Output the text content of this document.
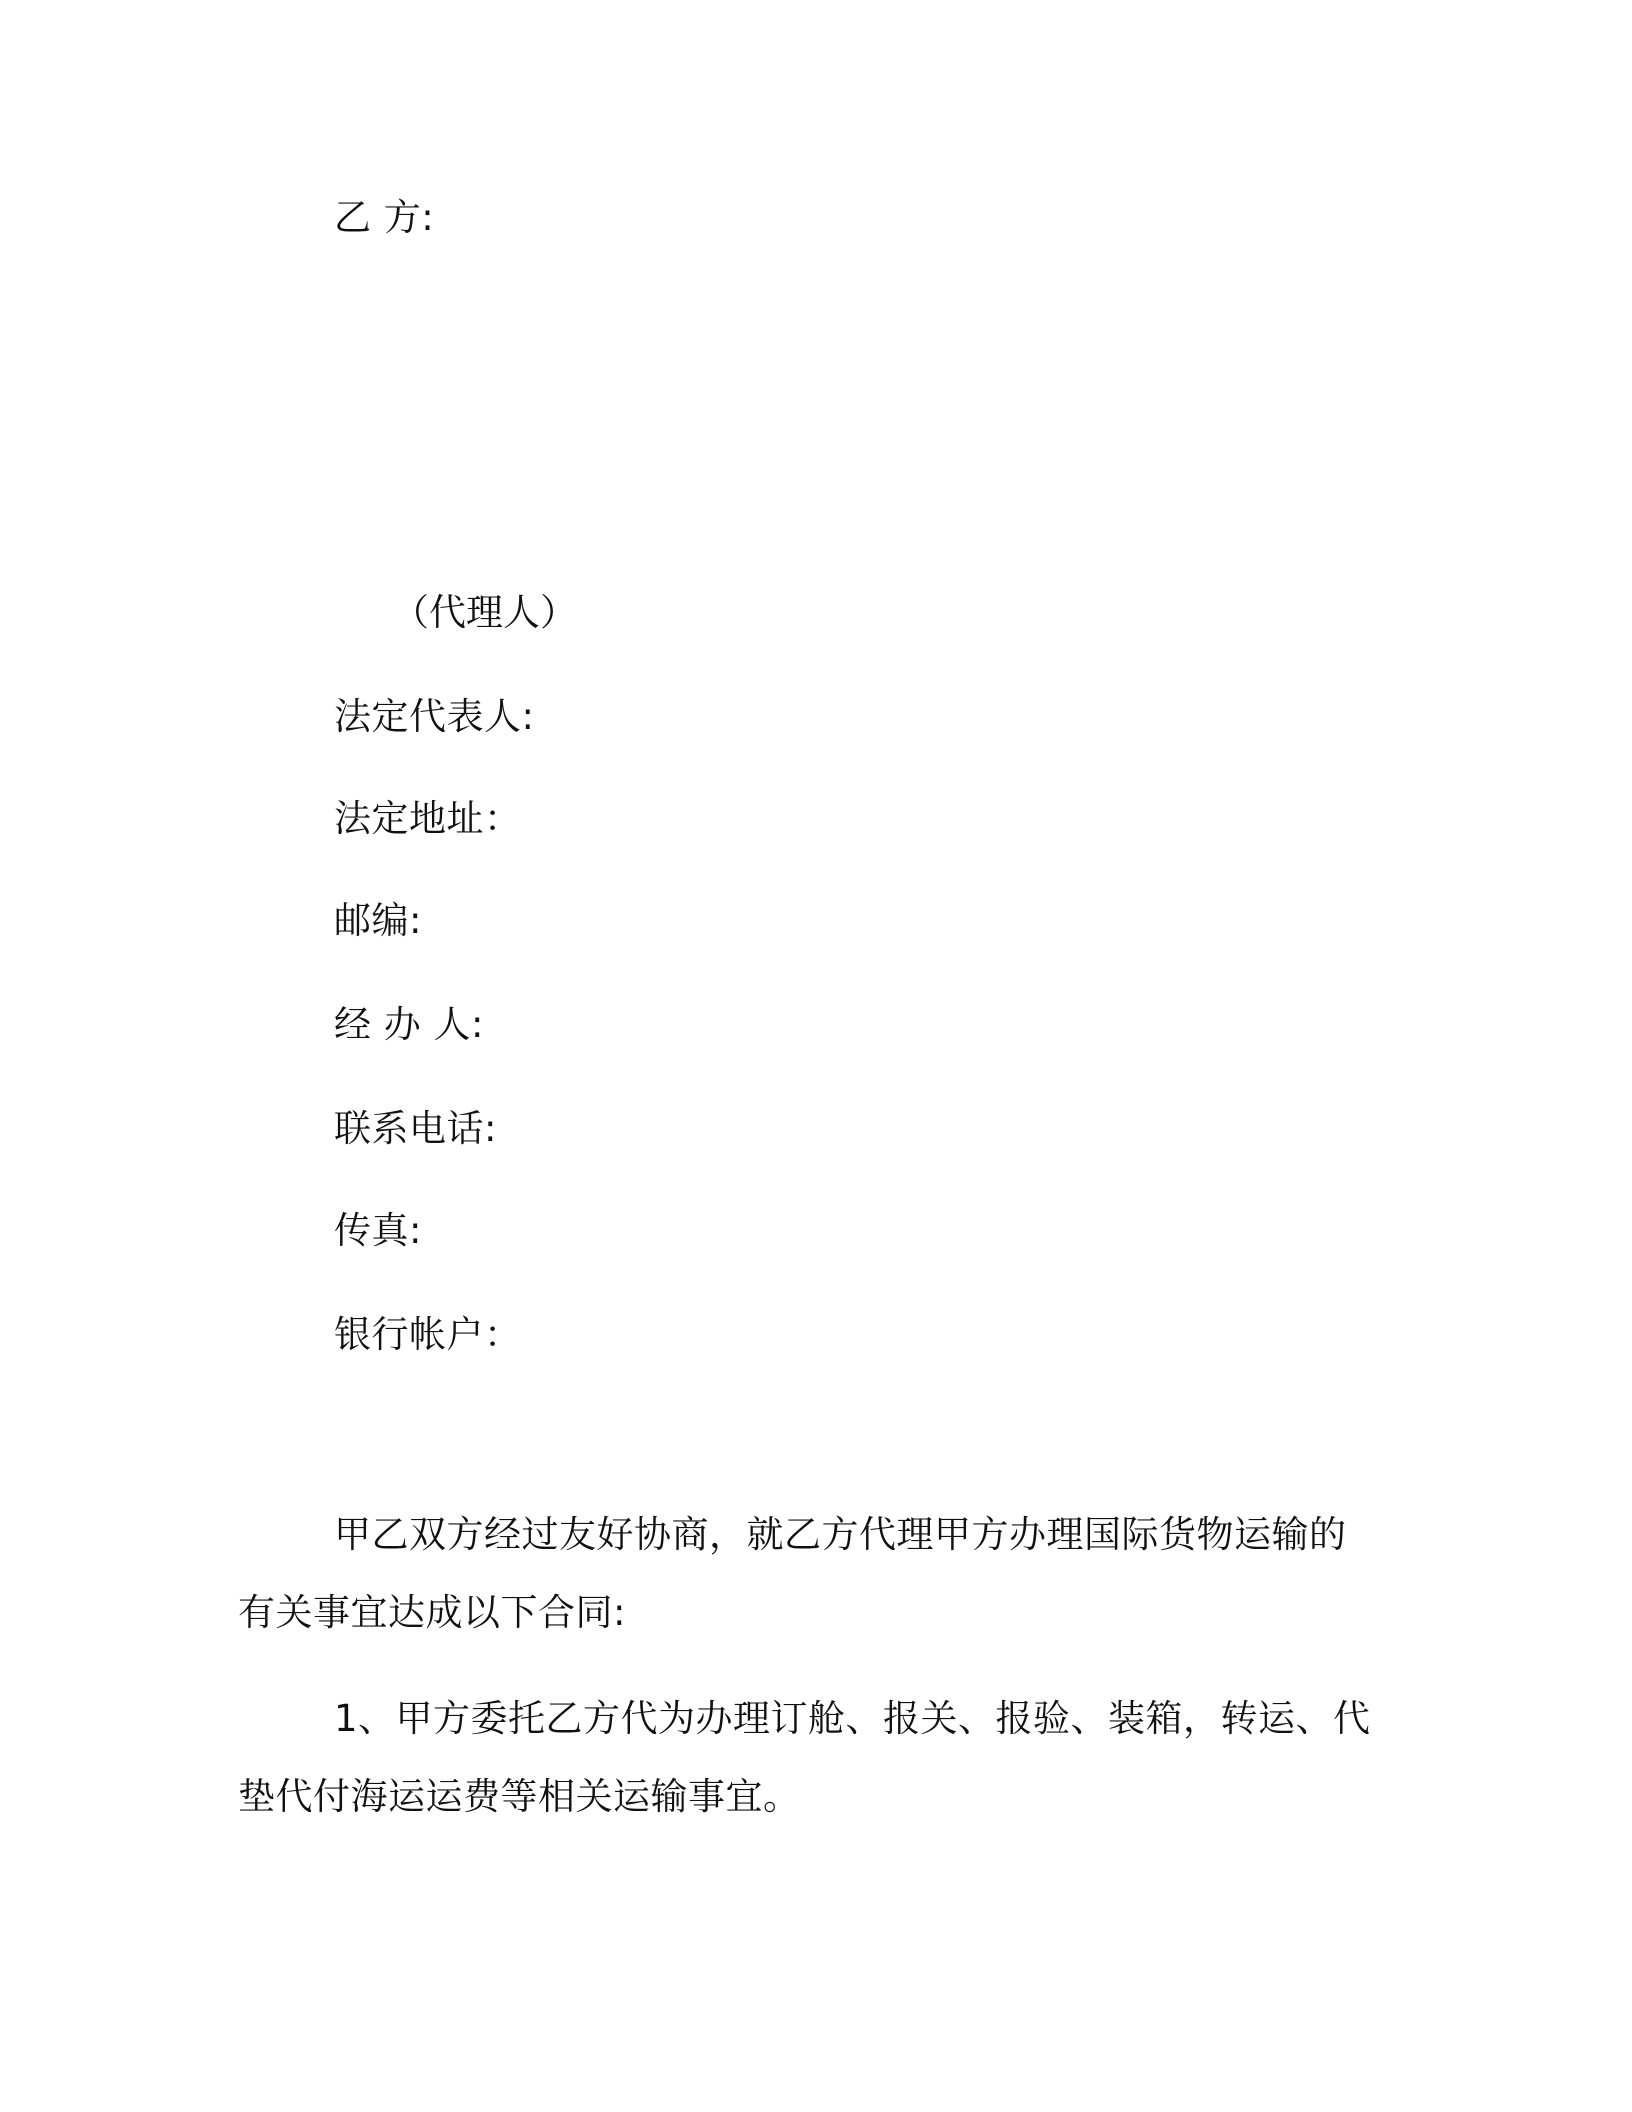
乙 方:
（代理人）
法定代表人:
法定地址：
邮编:
经 办 人:
联系电话:
传真:
银行帐户：
甲乙双方经过友好协商，就乙方代理甲方办理国际货物运输的有关事宜达成以下合同:
1、甲方委托乙方代为办理订舱、报关、报验、装箱，转运、代垫代付海运运费等相关运输事宜。
